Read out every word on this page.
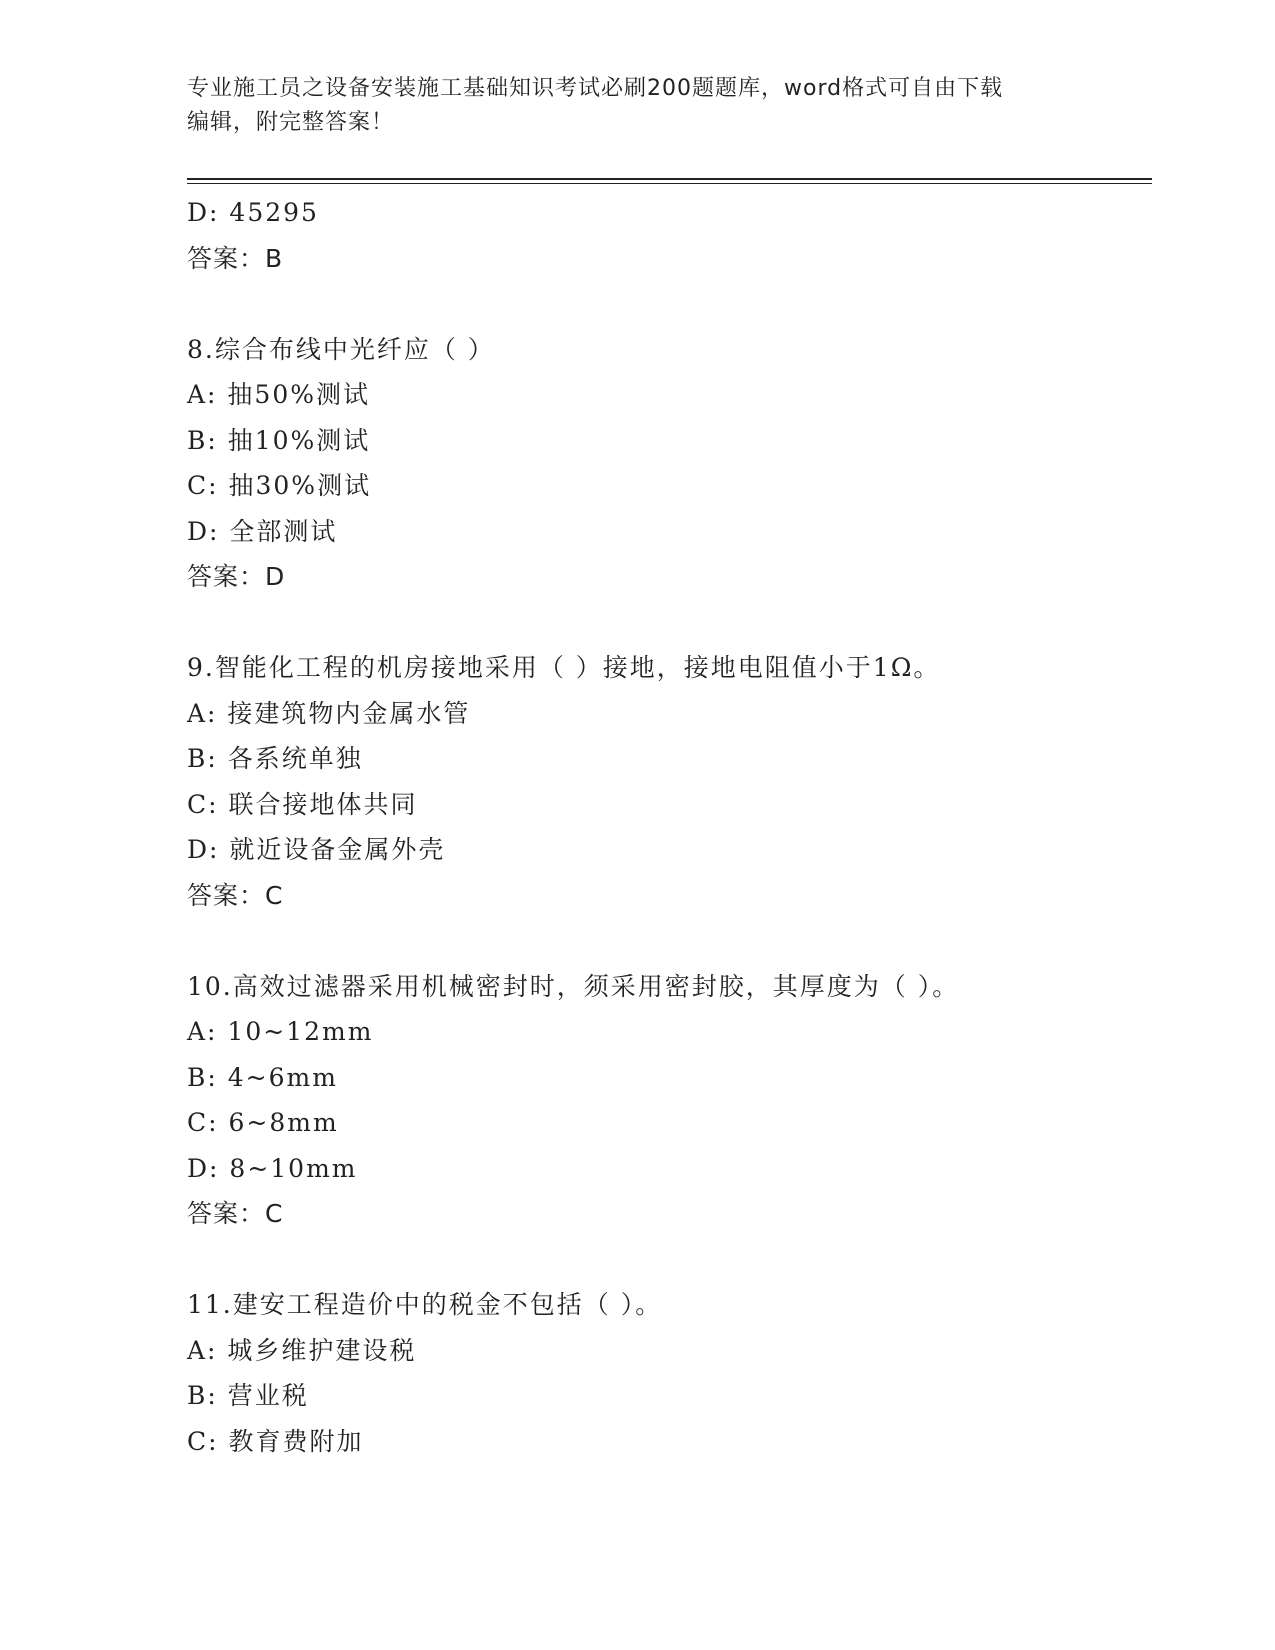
专业施工员之设备安装施工基础知识考试必刷200题题库，word格式可自由下载
编辑，附完整答案！
D: 45295
答案：B
8.综合布线中光纤应（ ）
A: 抽50%测试
B: 抽10%测试
C: 抽30%测试
D: 全部测试
答案：D
9.智能化工程的机房接地采用（ ）接地，接地电阻值小于1Ω。
A: 接建筑物内金属水管
B: 各系统单独
C: 联合接地体共同
D: 就近设备金属外壳
答案：C
10.高效过滤器采用机械密封时，须采用密封胶，其厚度为（ ）。
A: 10~12mm
B: 4~6mm
C: 6~8mm
D: 8~10mm
答案：C
11.建安工程造价中的税金不包括（ ）。
A: 城乡维护建设税
B: 营业税
C: 教育费附加
